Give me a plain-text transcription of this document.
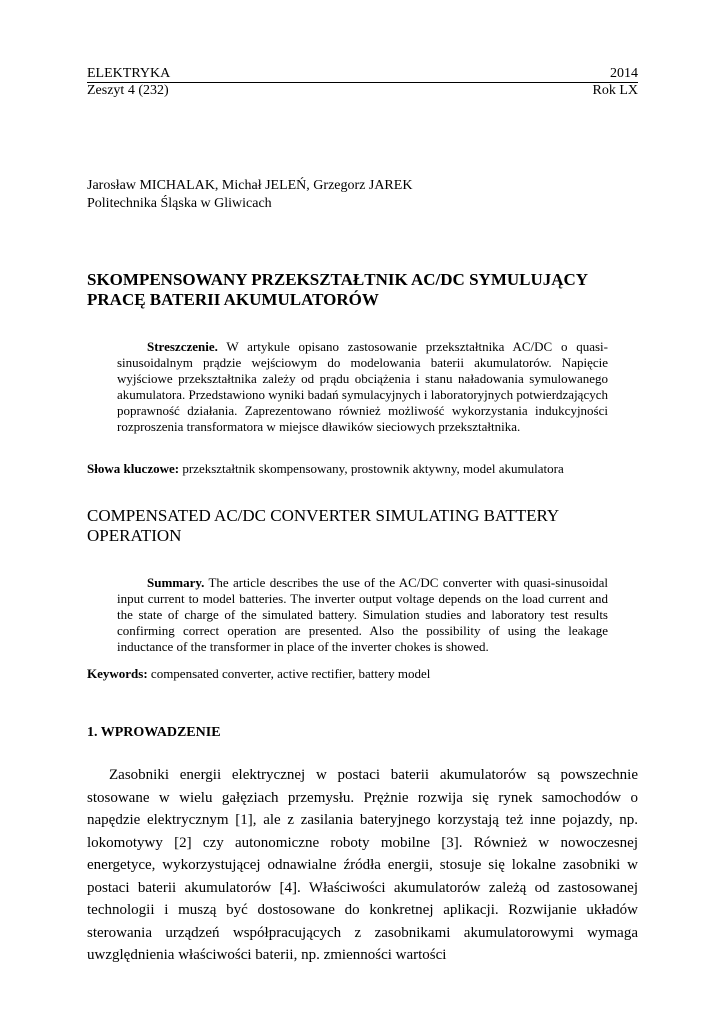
ELEKTRYKA	2014
Zeszyt 4 (232)	Rok LX
Jarosław MICHALAK, Michał JELEŃ, Grzegorz JAREK
Politechnika Śląska w Gliwicach
SKOMPENSOWANY PRZEKSZTAŁTNIK AC/DC SYMULUJĄCY PRACĘ BATERII AKUMULATORÓW

Streszczenie. W artykule opisano zastosowanie przekształtnika AC/DC o quasi-sinusoidalnym prądzie wejściowym do modelowania baterii akumulatorów. Napięcie wyjściowe przekształtnika zależy od prądu obciążenia i stanu naładowania symulowanego akumulatora. Przedstawiono wyniki badań symulacyjnych i laboratoryjnych potwierdzających poprawność działania. Zaprezentowano również możliwość wykorzystania indukcyjności rozproszenia transformatora w miejsce dławików sieciowych przekształtnika.

Słowa kluczowe: przekształtnik skompensowany, prostownik aktywny, model akumulatora
COMPENSATED AC/DC CONVERTER SIMULATING BATTERY OPERATION

Summary. The article describes the use of the AC/DC converter with quasi-sinusoidal input current to model batteries. The inverter output voltage depends on the load current and the state of charge of the simulated battery. Simulation studies and laboratory test results confirming correct operation are presented. Also the possibility of using the leakage inductance of the transformer in place of the inverter chokes is showed.

Keywords: compensated converter, active rectifier, battery model
1. WPROWADZENIE

Zasobniki energii elektrycznej w postaci baterii akumulatorów są powszechnie stosowane w wielu gałęziach przemysłu. Prężnie rozwija się rynek samochodów o napędzie elektrycznym [1], ale z zasilania bateryjnego korzystają też inne pojazdy, np. lokomotywy [2] czy autonomiczne roboty mobilne [3]. Również w nowoczesnej energetyce, wykorzystującej odnawialne źródła energii, stosuje się lokalne zasobniki w postaci baterii akumulatorów [4]. Właściwości akumulatorów zależą od zastosowanej technologii i muszą być dostosowane do konkretnej aplikacji. Rozwijanie układów sterowania urządzeń współpracujących z zasobnikami akumulatorowymi wymaga uwzględnienia właściwości baterii, np. zmienności wartości
